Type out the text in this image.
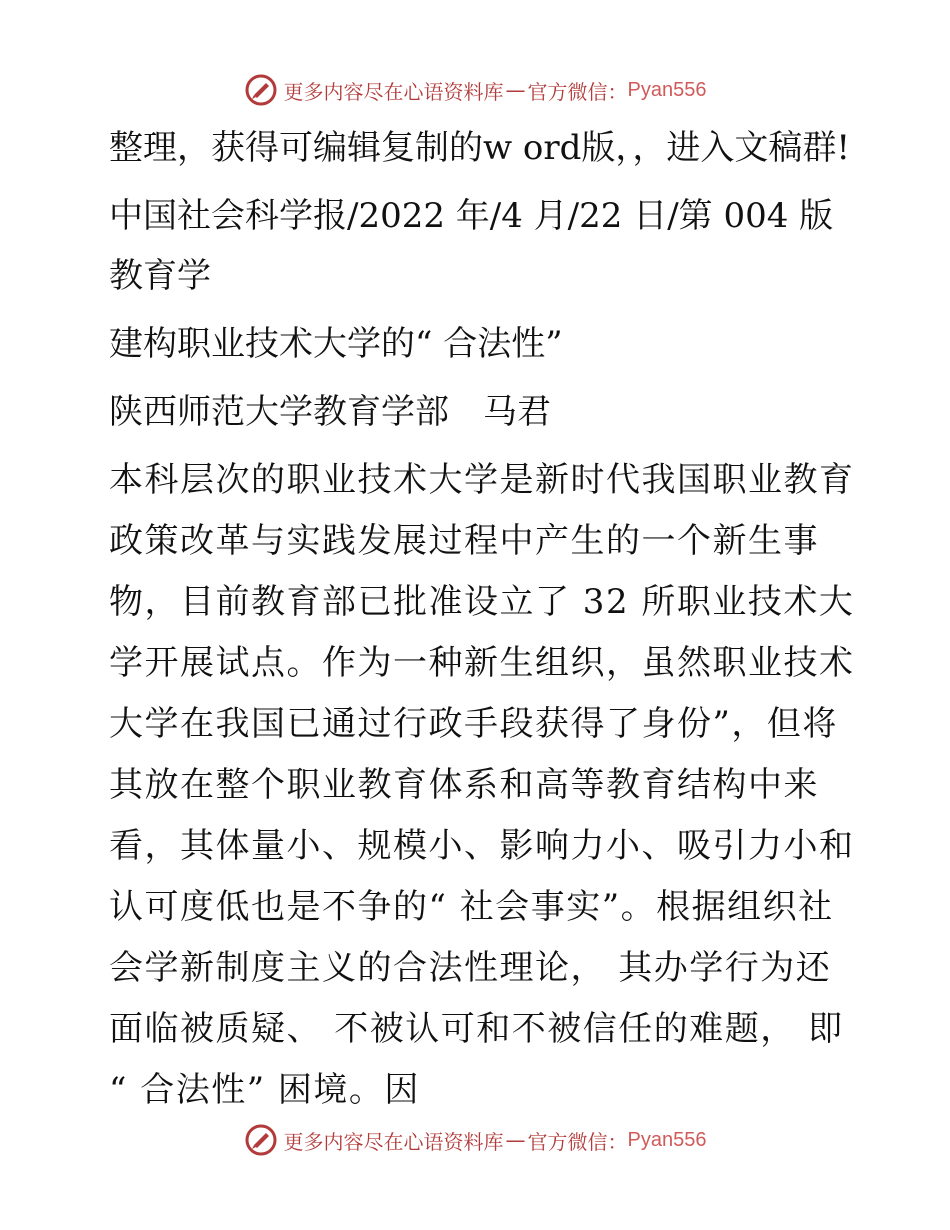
更多内容尽在心语资料库 — 官方微信： Pyan556

整理，获得可编辑复制的w ord版，，进入文稿群!

中国社会科学报/2022 年/4 月/22 日/第 004 版教育学

建构职业技术大学的“ 合法性”

陕西师范大学教育学部　马君

本科层次的职业技术大学是新时代我国职业教育政策改革与实践发展过程中产生的一个新生事物，目前教育部已批准设立了 32 所职业技术大学开展试点。作为一种新生组织，虽然职业技术大学在我国已通过行政手段获得了身份”，但将其放在整个职业教育体系和高等教育结构中来看，其体量小、规模小、影响力小、吸引力小和认可度低也是不争的“ 社会事实”。根据组织社会学新制度主义的合法性理论， 其办学行为还面临被质疑、 不被认可和不被信任的难题， 即 “ 合法性” 困境。因

更多内容尽在心语资料库 — 官方微信： Pyan556
